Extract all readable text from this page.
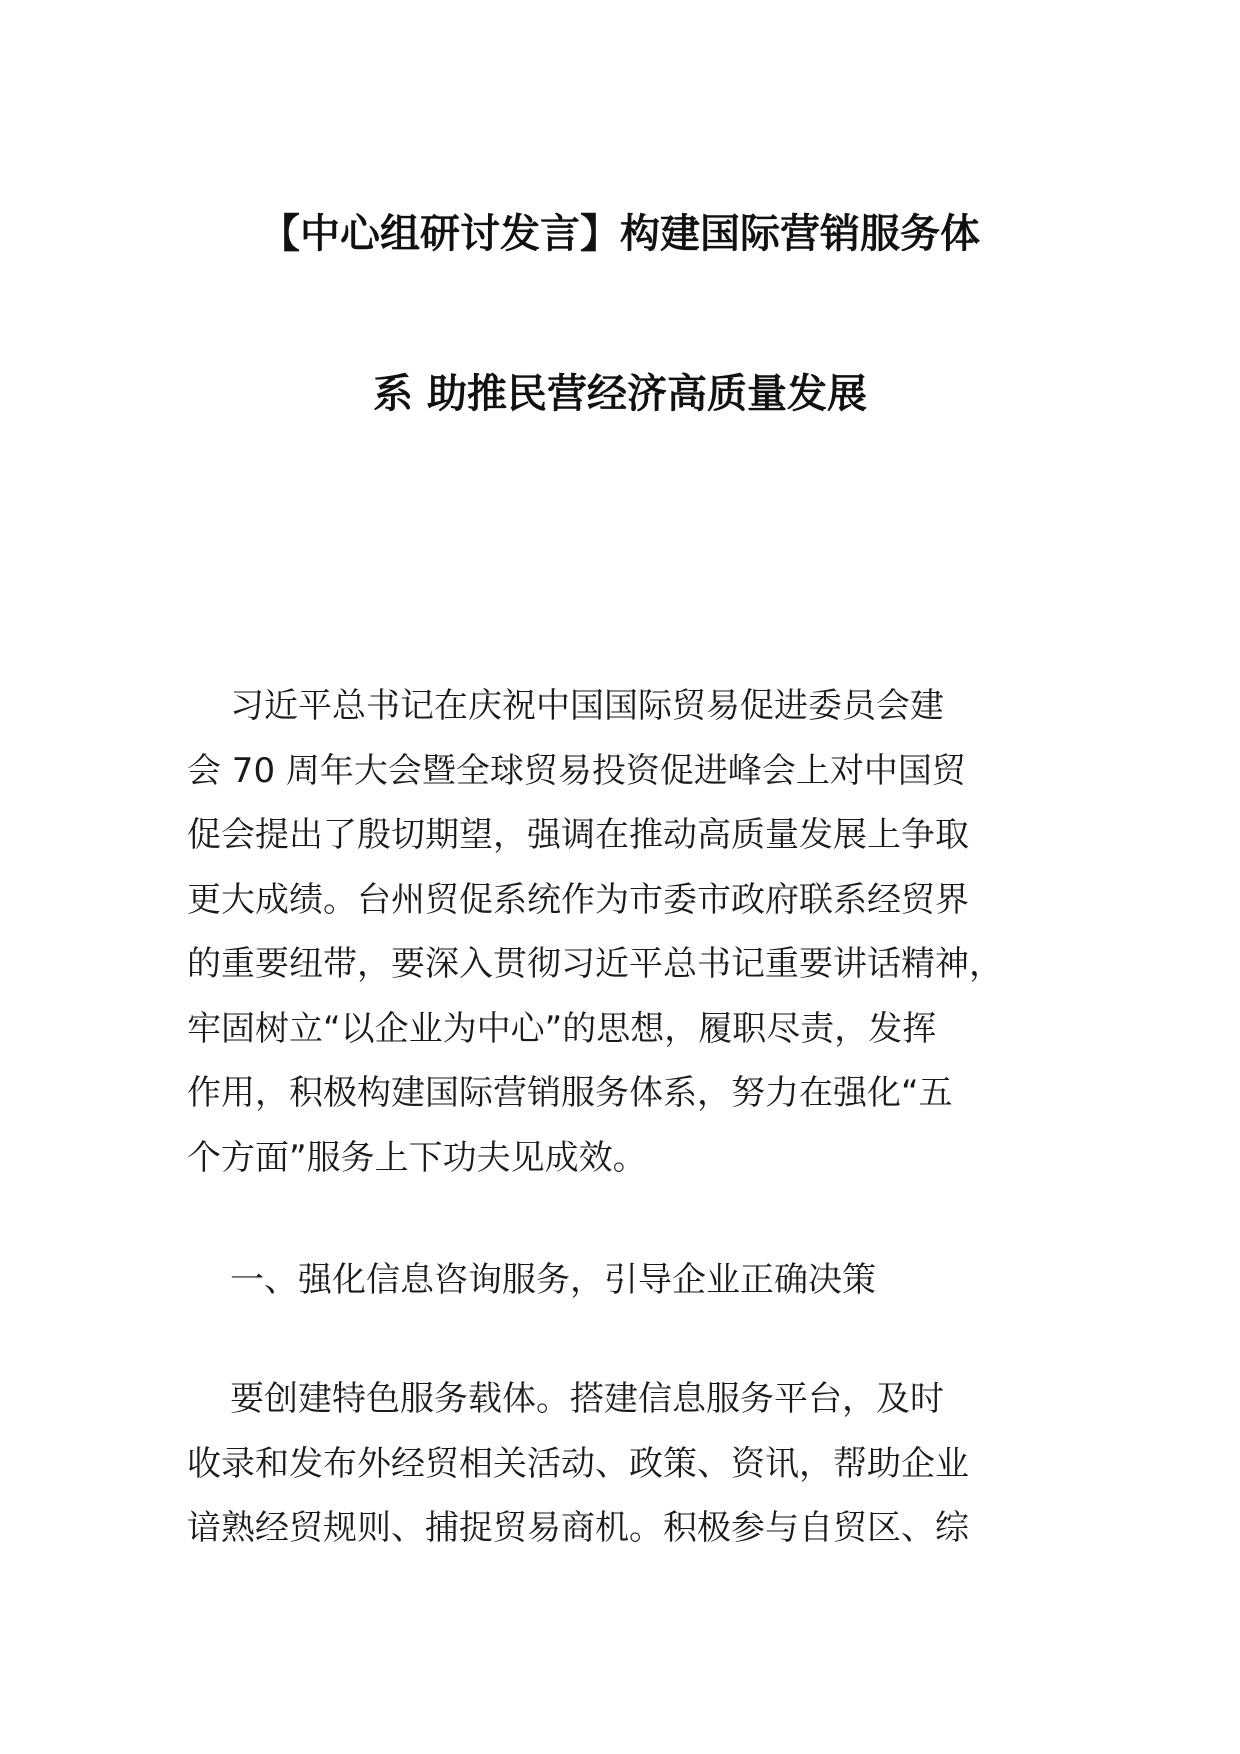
【中心组研讨发言】构建国际营销服务体
系 助推民营经济高质量发展
习近平总书记在庆祝中国国际贸易促进委员会建
会 70 周年大会暨全球贸易投资促进峰会上对中国贸
促会提出了殷切期望，强调在推动高质量发展上争取
更大成绩。台州贸促系统作为市委市政府联系经贸界
的重要纽带，要深入贯彻习近平总书记重要讲话精神，
牢固树立“以企业为中心”的思想，履职尽责，发挥
作用，积极构建国际营销服务体系，努力在强化“五
个方面”服务上下功夫见成效。
一、强化信息咨询服务，引导企业正确决策
要创建特色服务载体。搭建信息服务平台，及时
收录和发布外经贸相关活动、政策、资讯，帮助企业
谙熟经贸规则、捕捉贸易商机。积极参与自贸区、综
